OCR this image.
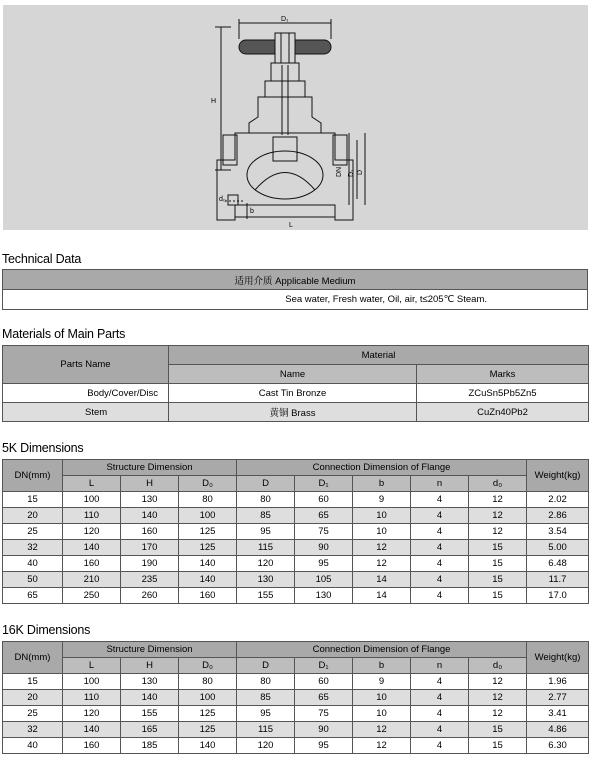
D₁
H
DN D₁ D
L
b
d₀
Technical Data
适用介质 Applicable Medium
Sea water, Fresh water, Oil, air, t≤205℃ Steam.
Materials of Main Parts
Parts Name	Material	
	Name	Marks
Body/Cover/Disc	Cast Tin Bronze	ZCuSn5Pb5Zn5
Stem	黄铜 Brass	CuZn40Pb2
5K Dimensions
DN(mm)	Structure Dimension			Connection Dimension of Flange					Weight(kg)
	L	H	D₀	D	D₁	b	n	d₀	
15	100	130	80	80	60	9	4	12	2.02
20	110	140	100	85	65	10	4	12	2.86
25	120	160	125	95	75	10	4	12	3.54
32	140	170	125	115	90	12	4	15	5.00
40	160	190	140	120	95	12	4	15	6.48
50	210	235	140	130	105	14	4	15	11.7
65	250	260	160	155	130	14	4	15	17.0
16K Dimensions
DN(mm)	Structure Dimension			Connection Dimension of Flange					Weight(kg)
	L	H	D₀	D	D₁	b	n	d₀	
15	100	130	80	80	60	9	4	12	1.96
20	110	140	100	85	65	10	4	12	2.77
25	120	155	125	95	75	10	4	12	3.41
32	140	165	125	115	90	12	4	15	4.86
40	160	185	140	120	95	12	4	15	6.30
